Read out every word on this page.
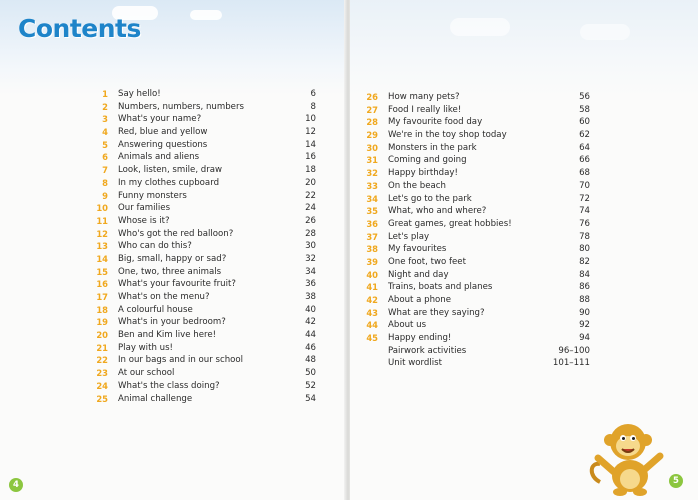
Contents
1 Say hello!	6
2 Numbers, numbers, numbers	8
3 What's your name?	10
4 Red, blue and yellow	12
5 Answering questions	14
6 Animals and aliens	16
7 Look, listen, smile, draw	18
8 In my clothes cupboard	20
9 Funny monsters	22
10 Our families	24
11 Whose is it?	26
12 Who's got the red balloon?	28
13 Who can do this?	30
14 Big, small, happy or sad?	32
15 One, two, three animals	34
16 What's your favourite fruit?	36
17 What's on the menu?	38
18 A colourful house	40
19 What's in your bedroom?	42
20 Ben and Kim live here!	44
21 Play with us!	46
22 In our bags and in our school	48
23 At our school	50
24 What's the class doing?	52
25 Animal challenge	54
4
26 How many pets?	56
27 Food I really like!	58
28 My favourite food day	60
29 We're in the toy shop today	62
30 Monsters in the park	64
31 Coming and going	66
32 Happy birthday!	68
33 On the beach	70
34 Let's go to the park	72
35 What, who and where?	74
36 Great games, great hobbies!	76
37 Let's play	78
38 My favourites	80
39 One foot, two feet	82
40 Night and day	84
41 Trains, boats and planes	86
42 About a phone	88
43 What are they saying?	90
44 About us	92
45 Happy ending!	94
Pairwork activities	96–100
Unit wordlist	101–111
5
